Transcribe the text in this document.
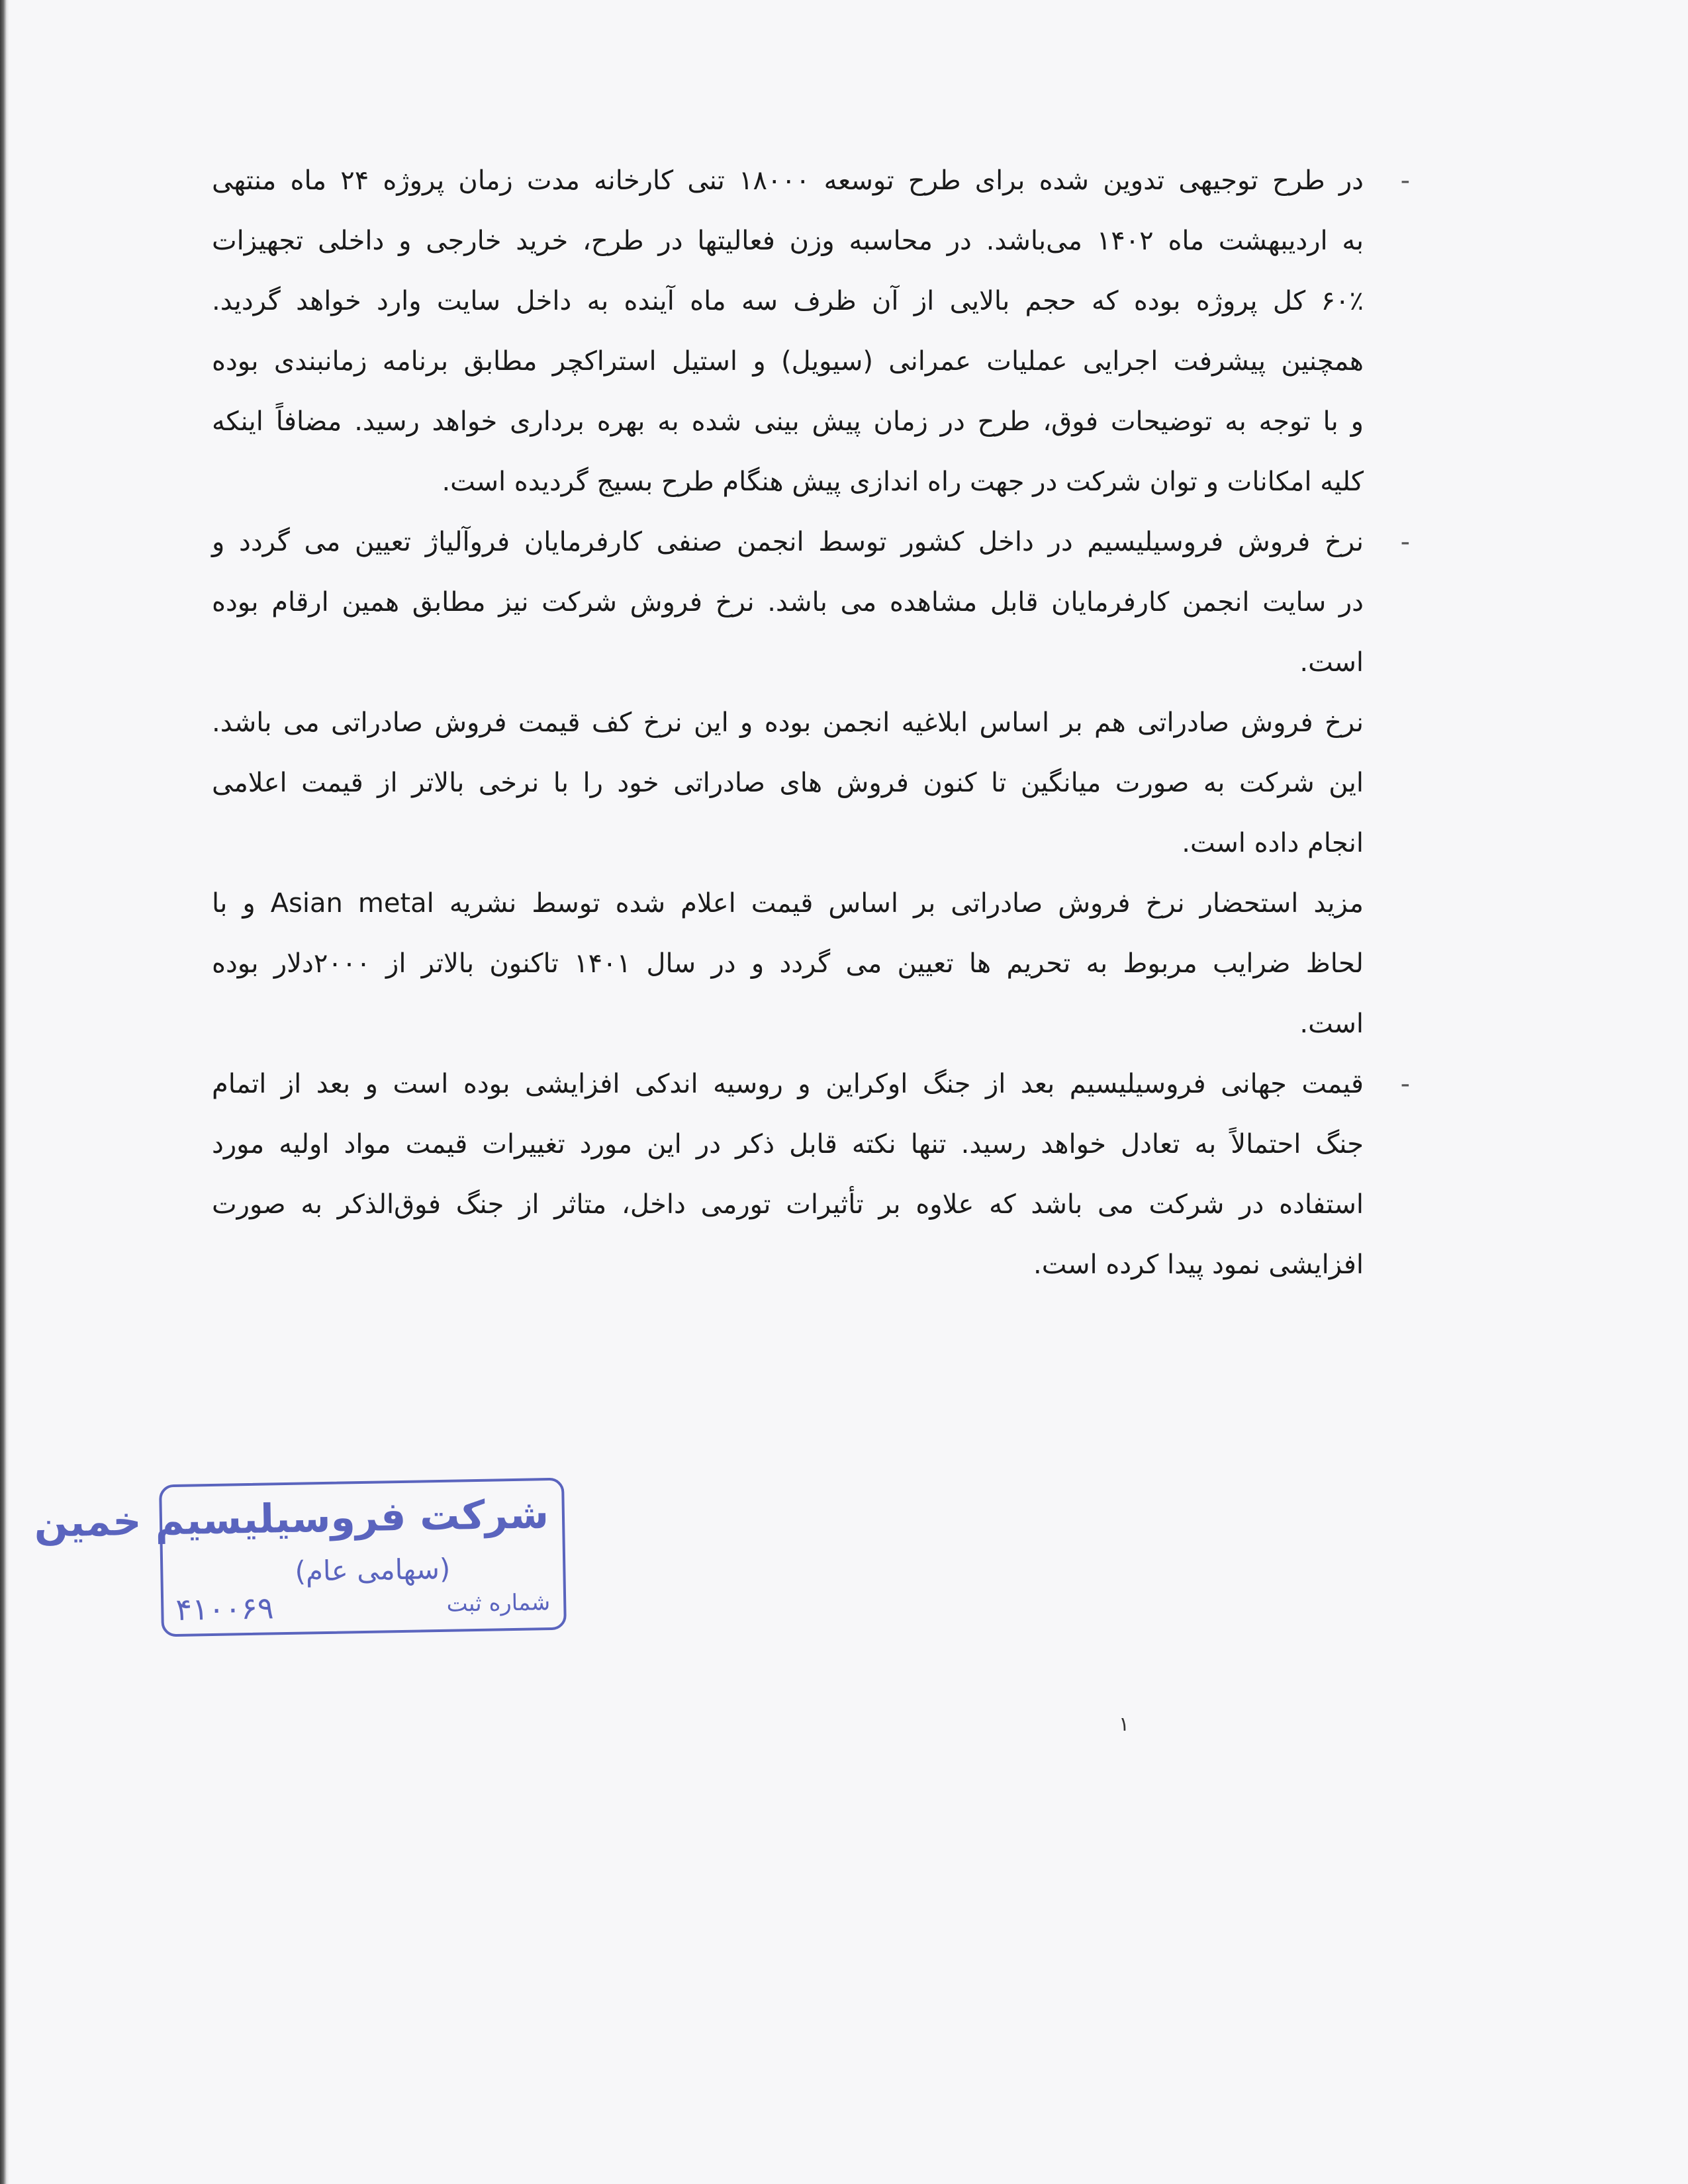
-
در طرح توجیهی تدوین شده برای طرح توسعه ۱۸۰۰۰ تنی کارخانه مدت زمان پروژه ۲۴ ماه منتهی
به اردیبهشت ماه ۱۴۰۲ می‌باشد. در محاسبه وزن فعالیتها در طرح، خرید خارجی و داخلی تجهیزات
۶۰٪ کل پروژه بوده که حجم بالایی از آن ظرف سه ماه آینده به داخل سایت وارد خواهد گردید.
همچنین پیشرفت اجرایی عملیات عمرانی (سیویل) و استیل استراکچر مطابق برنامه زمانبندی بوده
و با توجه به توضیحات فوق، طرح در زمان پیش بینی شده به بهره برداری خواهد رسید. مضافاً اینکه
کلیه امکانات و توان شرکت در جهت راه اندازی پیش هنگام طرح بسیج گردیده است.
-
نرخ فروش فروسیلیسیم در داخل کشور توسط انجمن صنفی کارفرمایان فروآلیاژ تعیین می گردد و
در سایت انجمن کارفرمایان قابل مشاهده می باشد. نرخ فروش شرکت نیز مطابق همین ارقام بوده
است.
نرخ فروش صادراتی هم بر اساس ابلاغیه انجمن بوده و این نرخ کف قیمت فروش صادراتی می باشد.
این شرکت به صورت میانگین تا کنون فروش های صادراتی خود را با نرخی بالاتر از قیمت اعلامی
انجام داده است.
مزید استحضار نرخ فروش صادراتی بر اساس قیمت اعلام شده توسط نشریه Asian metal و با
لحاظ ضرایب مربوط به تحریم ها تعیین می گردد و در سال ۱۴۰۱ تاکنون بالاتر از ۲۰۰۰دلار بوده
است.
-
قیمت جهانی فروسیلیسیم بعد از جنگ اوکراین و روسیه اندکی افزایشی بوده است و بعد از اتمام
جنگ احتمالاً به تعادل خواهد رسید. تنها نکته قابل ذکر در این مورد تغییرات قیمت مواد اولیه مورد
استفاده در شرکت می باشد که علاوه بر تأثیرات تورمی داخل، متاثر از جنگ فوق‌الذکر به صورت
افزایشی نمود پیدا کرده است.
شرکت فروسیلیسیم خمین
(سهامی عام)
شماره ثبت
۴۱۰۰۶۹
۱
